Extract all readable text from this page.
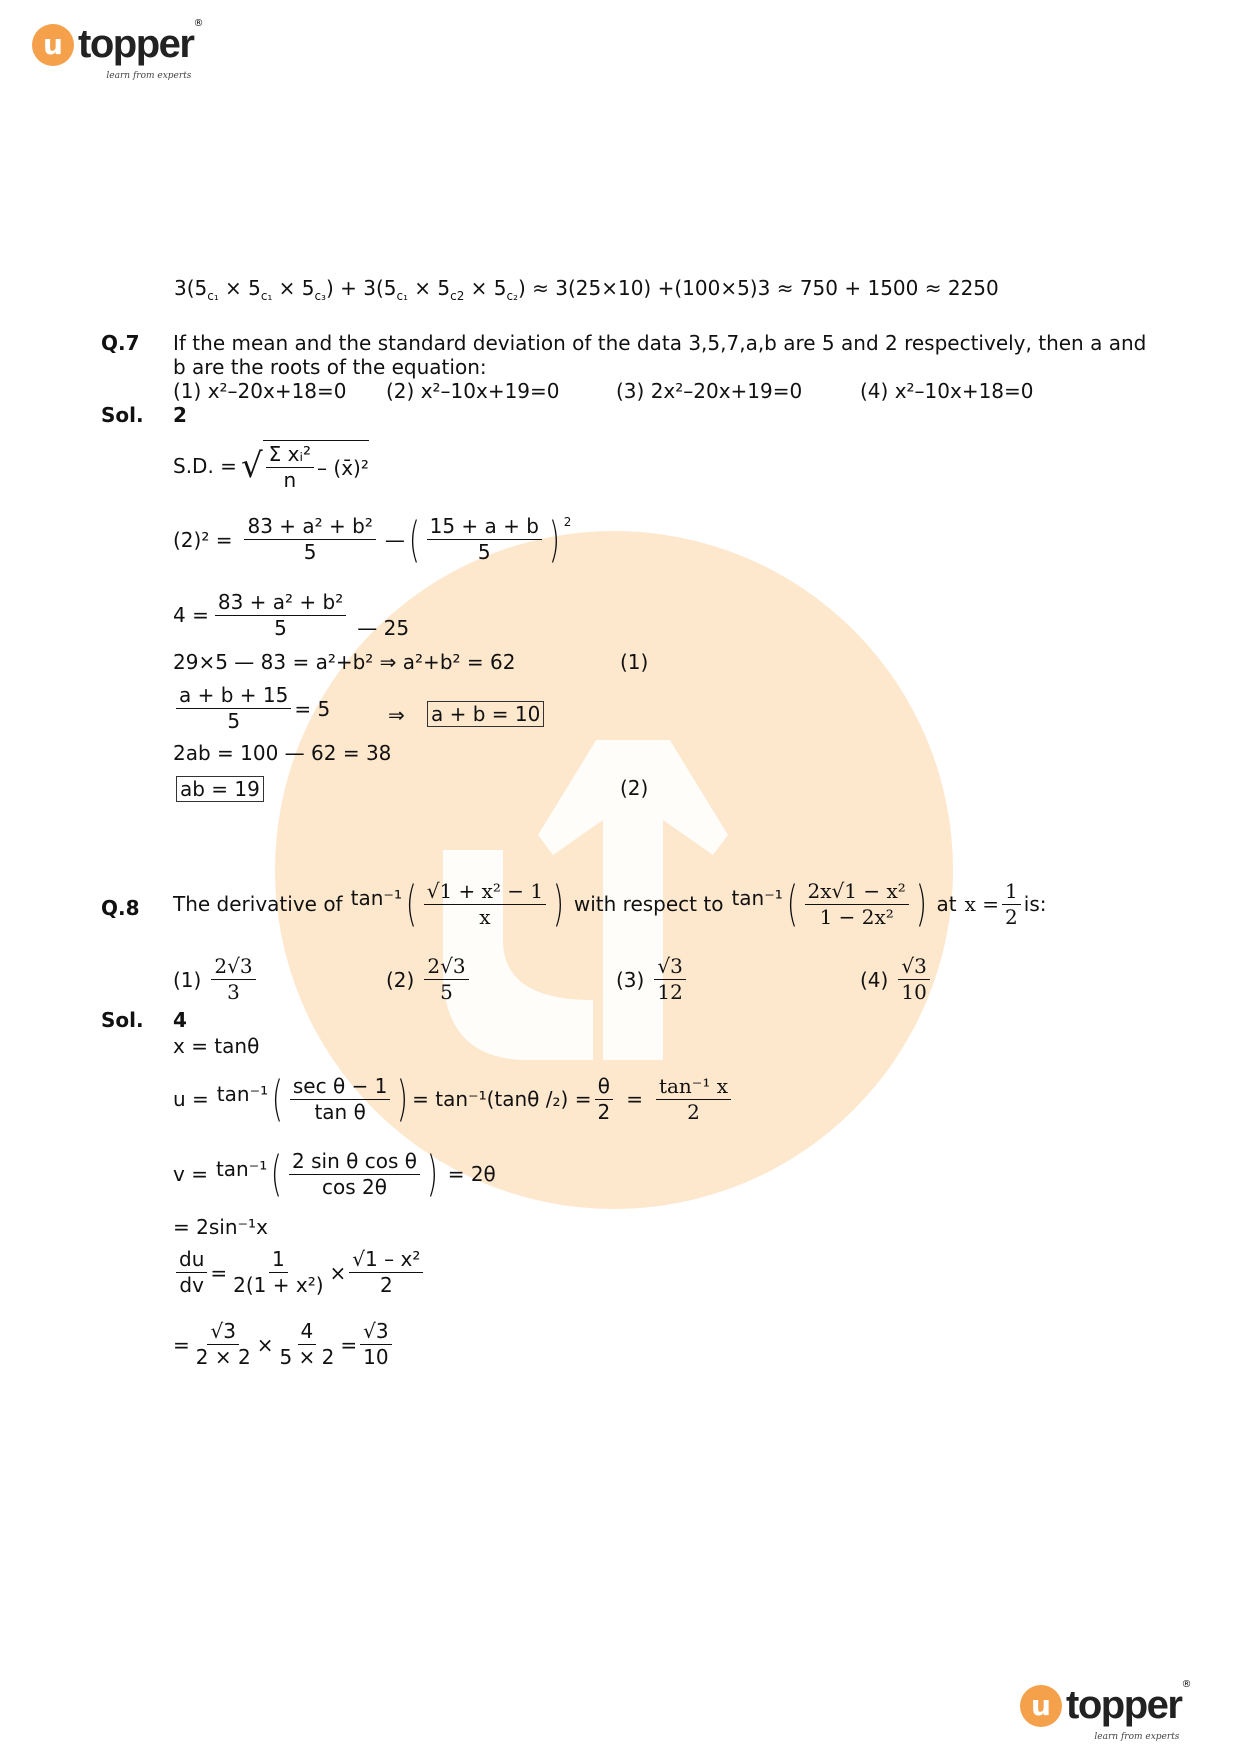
u topper ®
learn from experts
$3(5_{c_1} \times 5_{c_1} \times 5_{c_3}) + 3(5_{c_1} \times 5_{c2} \times 5_{c_2}) \approx 3(25\times 10) +(100\times 5)3 \approx 750 + 1500 \approx 2250$
Q.7 If the mean and the standard deviation of the data 3,5,7,a,b are 5 and 2 respectively, then a and
b are the roots of the equation:
(1) x²–20x+18=0 (2) x²–10x+19=0	(3) 2x²–20x+19=0	(4) x²–10x+18=0
Sol. 2
S.D. = √ $\frac{\text{Σ xᵢ²}}{n}$ – (x̄)²
$(2)^2 = \frac{\text{83 + a² + b²}}{5}$ — ( $\frac{15 + a + b}{5}$ ) $^2$
$4 = \frac{\text{83 + a² + b²}}{5}$ — 25
29×5 — 83 = a²+b² ⇒ a²+b² = 62	(1)
$\frac{a + b + 15}{5} = 5$	⇒ a + b = 10
2ab = 100 — 62 = 38
ab = 19	(2)
Q.8 The derivative of tan⁻¹ ( $\frac{\text{√1 + x² − 1}}{x}$ ) with respect to tan⁻¹ ( $\frac{\text{2x√1 − x²}}{\text{1 − 2x²}}$ ) at $x = \frac{1}{2}$ is:
$(1) \frac{2√3}{3}$	$(2) \frac{2√3}{5}$	$(3) \frac{√3}{12}$	$(4) \frac{√3}{10}$
Sol. 4
x = tanθ
u = tan⁻¹ ( $\frac{\text{sec θ − 1}}{\text{tan θ}}$ ) = tan⁻¹(tanθ $/_2) = \frac{\theta}{2} = \frac{\text{tan⁻¹ x}}{2}$
v = tan⁻¹ ( $\frac{\text{2 sin θ cos θ}}{\cos 2\theta}$ ) = 2θ
= 2sin⁻¹x
$\frac{du}{dv} = \frac{1}{\text{2(1 + x²)}} \times \frac{\text{√1 – x²}}{2}$
= $\frac{√3}{2 \times 2} \times \frac{4}{5 \times 2} = \frac{√3}{10}$
u topper ®
learn from experts
